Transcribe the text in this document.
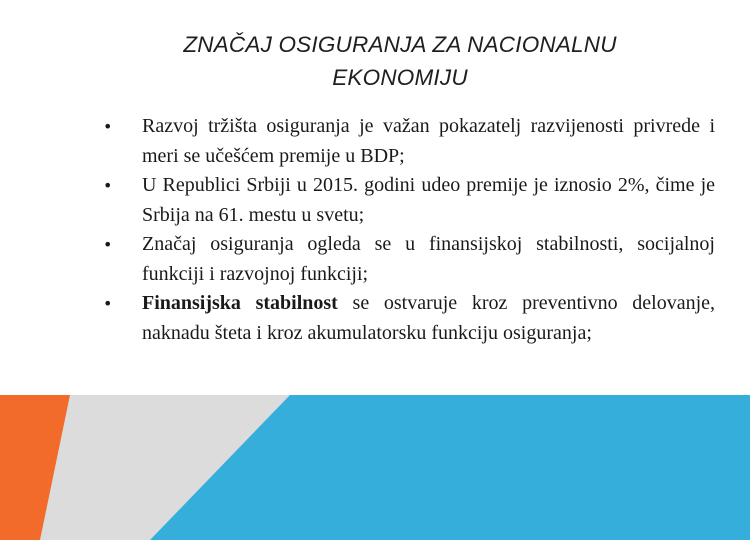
ZNAČAJ OSIGURANJA ZA NACIONALNU EKONOMIJU
• Razvoj tržišta osiguranja je važan pokazatelj razvijenosti privrede i meri se učešćem premije u BDP;
• U Republici Srbiji u 2015. godini udeo premije je iznosio 2%, čime je Srbija na 61. mestu u svetu;
• Značaj osiguranja ogleda se u finansijskoj stabilnosti, socijalnoj funkciji i razvojnoj funkciji;
• Finansijska stabilnost se ostvaruje kroz preventivno delovanje, naknadu šteta i kroz akumulatorsku funkciju osiguranja;
